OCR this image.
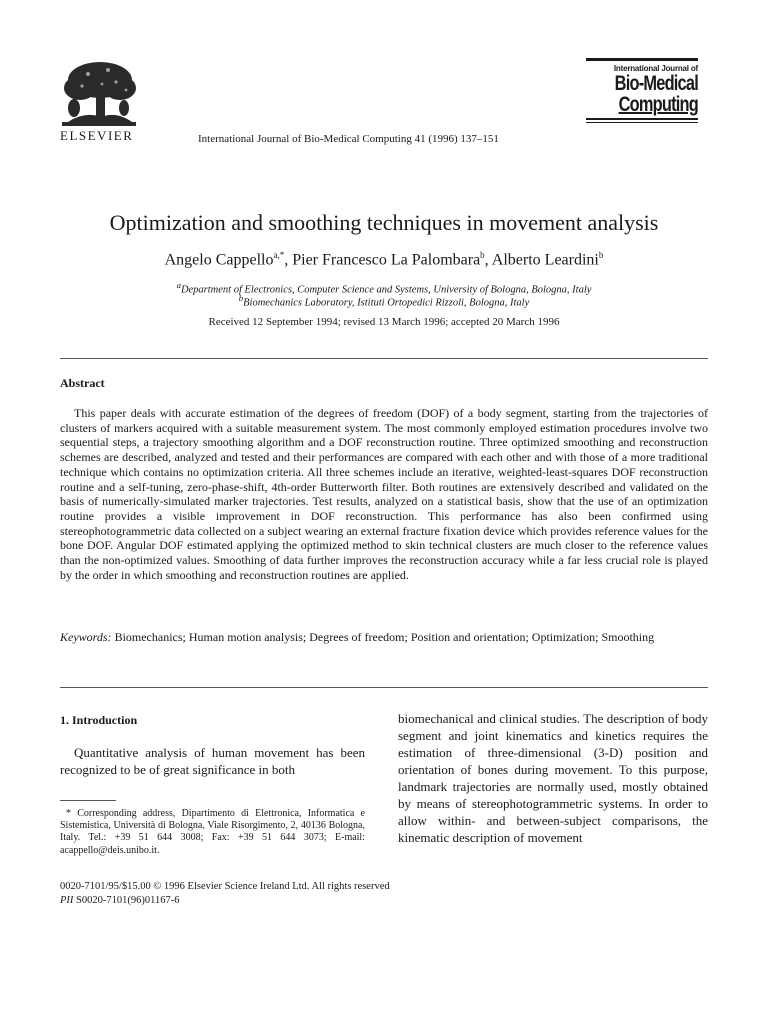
ELSEVIER	International Journal of Bio-Medical Computing 41 (1996) 137–151
International Journal of
Bio-Medical
Computing
Optimization and smoothing techniques in movement analysis
Angelo Cappello$^{a,*}$, Pier Francesco La Palombara$^b$, Alberto Leardini$^b$
$^a$Department of Electronics, Computer Science and Systems, University of Bologna, Bologna, Italy
$^b$Biomechanics Laboratory, Istituti Ortopedici Rizzoli, Bologna, Italy
Received 12 September 1994; revised 13 March 1996; accepted 20 March 1996
Abstract
This paper deals with accurate estimation of the degrees of freedom (DOF) of a body segment, starting from the trajectories of clusters of markers acquired with a suitable measurement system. The most commonly employed estimation procedures involve two sequential steps, a trajectory smoothing algorithm and a DOF reconstruction routine. Three optimized smoothing and reconstruction schemes are described, analyzed and tested and their performances are compared with each other and with those of a more traditional technique which contains no optimization criteria. All three schemes include an iterative, weighted-least-squares DOF reconstruction routine and a self-tuning, zero-phase-shift, 4th-order Butterworth filter. Both routines are extensively described and validated on the basis of numerically-simulated marker trajectories. Test results, analyzed on a statistical basis, show that the use of an optimization routine provides a visible improvement in DOF reconstruction. This performance has also been confirmed using stereophotogrammetric data collected on a subject wearing an external fracture fixation device which provides reference values for the bone DOF. Angular DOF estimated applying the optimized method to skin technical clusters are much closer to the reference values than the non-optimized values. Smoothing of data further improves the reconstruction accuracy while a far less crucial role is played by the order in which smoothing and reconstruction routines are applied.
Keywords: Biomechanics; Human motion analysis; Degrees of freedom; Position and orientation; Optimization; Smoothing
1. Introduction
Quantitative analysis of human movement has been recognized to be of great significance in both
biomechanical and clinical studies. The description of body segment and joint kinematics and kinetics requires the estimation of three-dimensional (3-D) position and orientation of bones during movement. To this purpose, landmark trajectories are normally used, mostly obtained by means of stereophotogrammetric systems. In order to allow within- and between-subject comparisons, the kinematic description of movement
* Corresponding address, Dipartimento di Elettronica, Informatica e Sistemistica, Università di Bologna, Viale Risorgimento, 2, 40136 Bologna, Italy. Tel.: +39 51 644 3008; Fax: +39 51 644 3073; E-mail: acappello@deis.unibo.it.
0020-7101/95/$15.00 © 1996 Elsevier Science Ireland Ltd. All rights reserved
PII S0020-7101(96)01167-6
